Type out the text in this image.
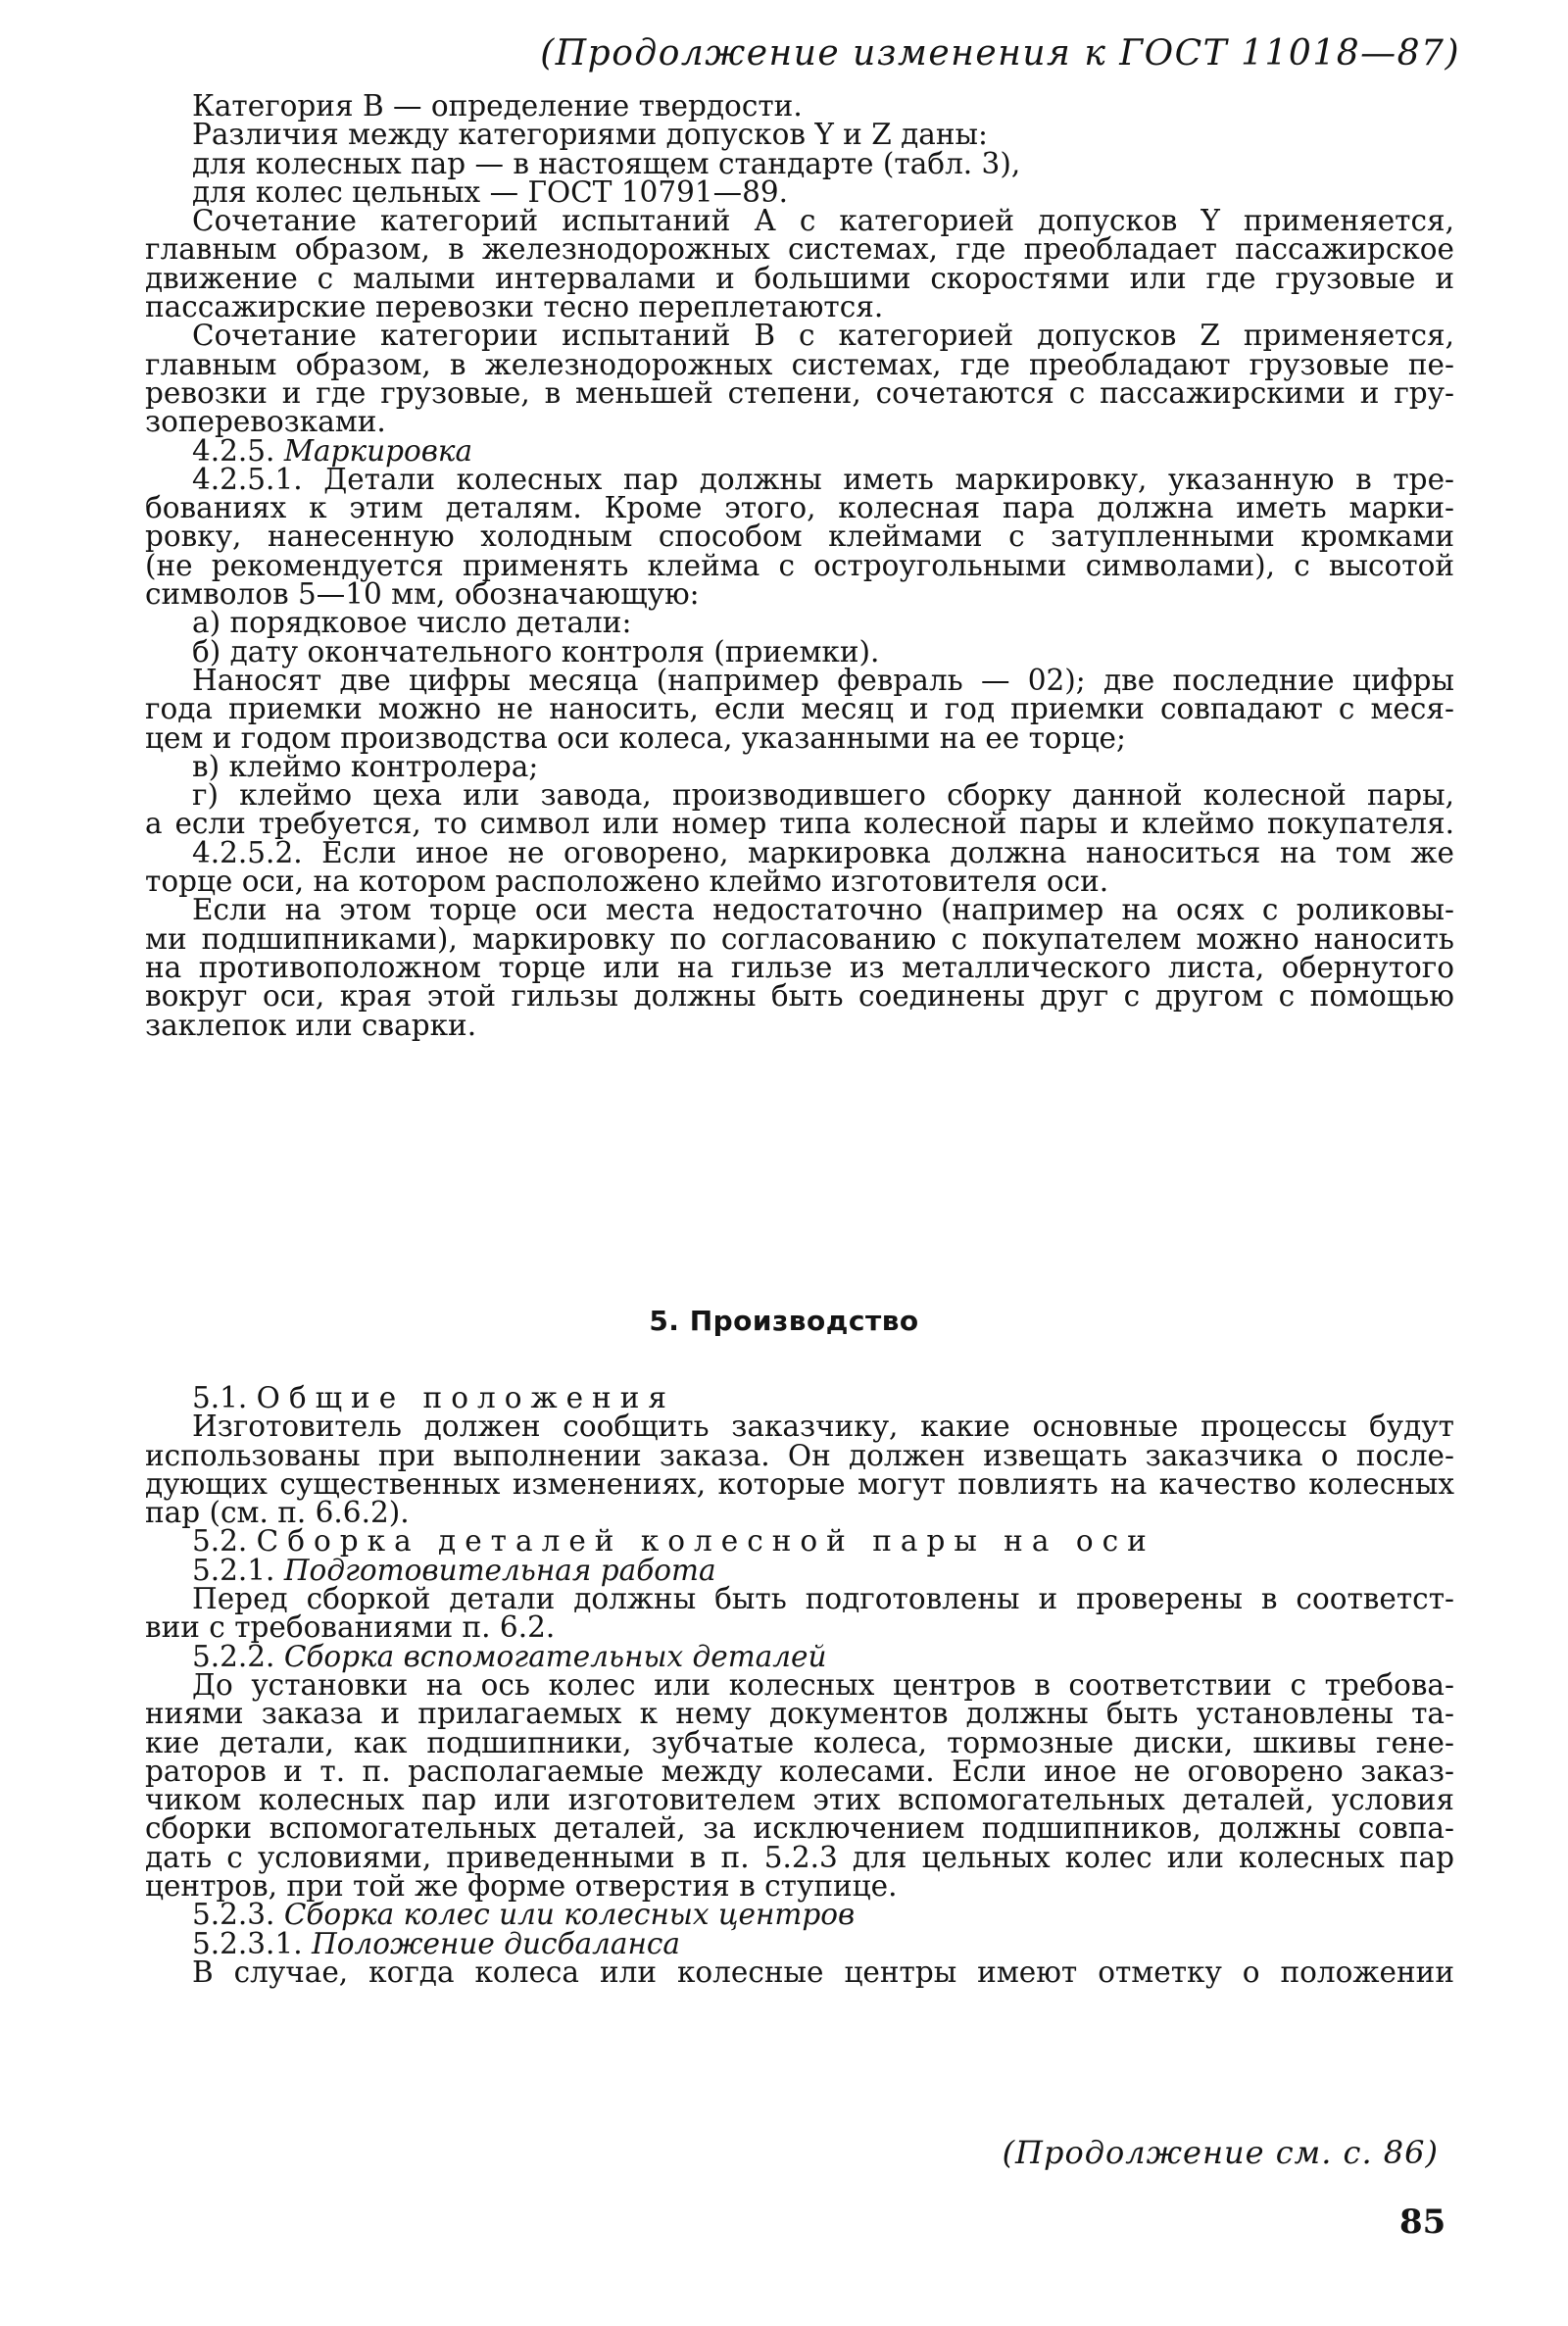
(Продолжение изменения к ГОСТ 11018—87)
Категория В — определение твердости.
Различия между категориями допусков Y и Z даны:
для колесных пар — в настоящем стандарте (табл. 3),
для колес цельных — ГОСТ 10791—89.
Сочетание категорий испытаний А с категорией допусков Y применяется,
главным образом, в железнодорожных системах, где преобладает пассажирское
движение с малыми интервалами и большими скоростями или где грузовые и
пассажирские перевозки тесно переплетаются.
Сочетание категории испытаний В с категорией допусков Z применяется,
главным образом, в железнодорожных системах, где преобладают грузовые пе-
ревозки и где грузовые, в меньшей степени, сочетаются с пассажирскими и гру-
зоперевозками.
4.2.5. Маркировка
4.2.5.1. Детали колесных пар должны иметь маркировку, указанную в тре-
бованиях к этим деталям. Кроме этого, колесная пара должна иметь марки-
ровку, нанесенную холодным способом клеймами с затупленными кромками
(не рекомендуется применять клейма с остроугольными символами), с высотой
символов 5—10 мм, обозначающую:
а) порядковое число детали:
б) дату окончательного контроля (приемки).
Наносят две цифры месяца (например февраль — 02); две последние цифры
года приемки можно не наносить, если месяц и год приемки совпадают с меся-
цем и годом производства оси колеса, указанными на ее торце;
в) клеймо контролера;
г) клеймо цеха или завода, производившего сборку данной колесной пары,
а если требуется, то символ или номер типа колесной пары и клеймо покупателя.
4.2.5.2. Если иное не оговорено, маркировка должна наноситься на том же
торце оси, на котором расположено клеймо изготовителя оси.
Если на этом торце оси места недостаточно (например на осях с роликовы-
ми подшипниками), маркировку по согласованию с покупателем можно наносить
на противоположном торце или на гильзе из металлического листа, обернутого
вокруг оси, края этой гильзы должны быть соединены друг с другом с помощью
заклепок или сварки.
5. Производство
5.1. Общие положения
Изготовитель должен сообщить заказчику, какие основные процессы будут
использованы при выполнении заказа. Он должен извещать заказчика о после-
дующих существенных изменениях, которые могут повлиять на качество колесных
пар (см. п. 6.6.2).
5.2. Сборка деталей колесной пары на оси
5.2.1. Подготовительная работа
Перед сборкой детали должны быть подготовлены и проверены в соответст-
вии с требованиями п. 6.2.
5.2.2. Сборка вспомогательных деталей
До установки на ось колес или колесных центров в соответствии с требова-
ниями заказа и прилагаемых к нему документов должны быть установлены та-
кие детали, как подшипники, зубчатые колеса, тормозные диски, шкивы гене-
раторов и т. п. располагаемые между колесами. Если иное не оговорено заказ-
чиком колесных пар или изготовителем этих вспомогательных деталей, условия
сборки вспомогательных деталей, за исключением подшипников, должны совпа-
дать с условиями, приведенными в п. 5.2.3 для цельных колес или колесных пар
центров, при той же форме отверстия в ступице.
5.2.3. Сборка колес или колесных центров
5.2.3.1. Положение дисбаланса
В случае, когда колеса или колесные центры имеют отметку о положении
(Продолжение см. с. 86)
85
